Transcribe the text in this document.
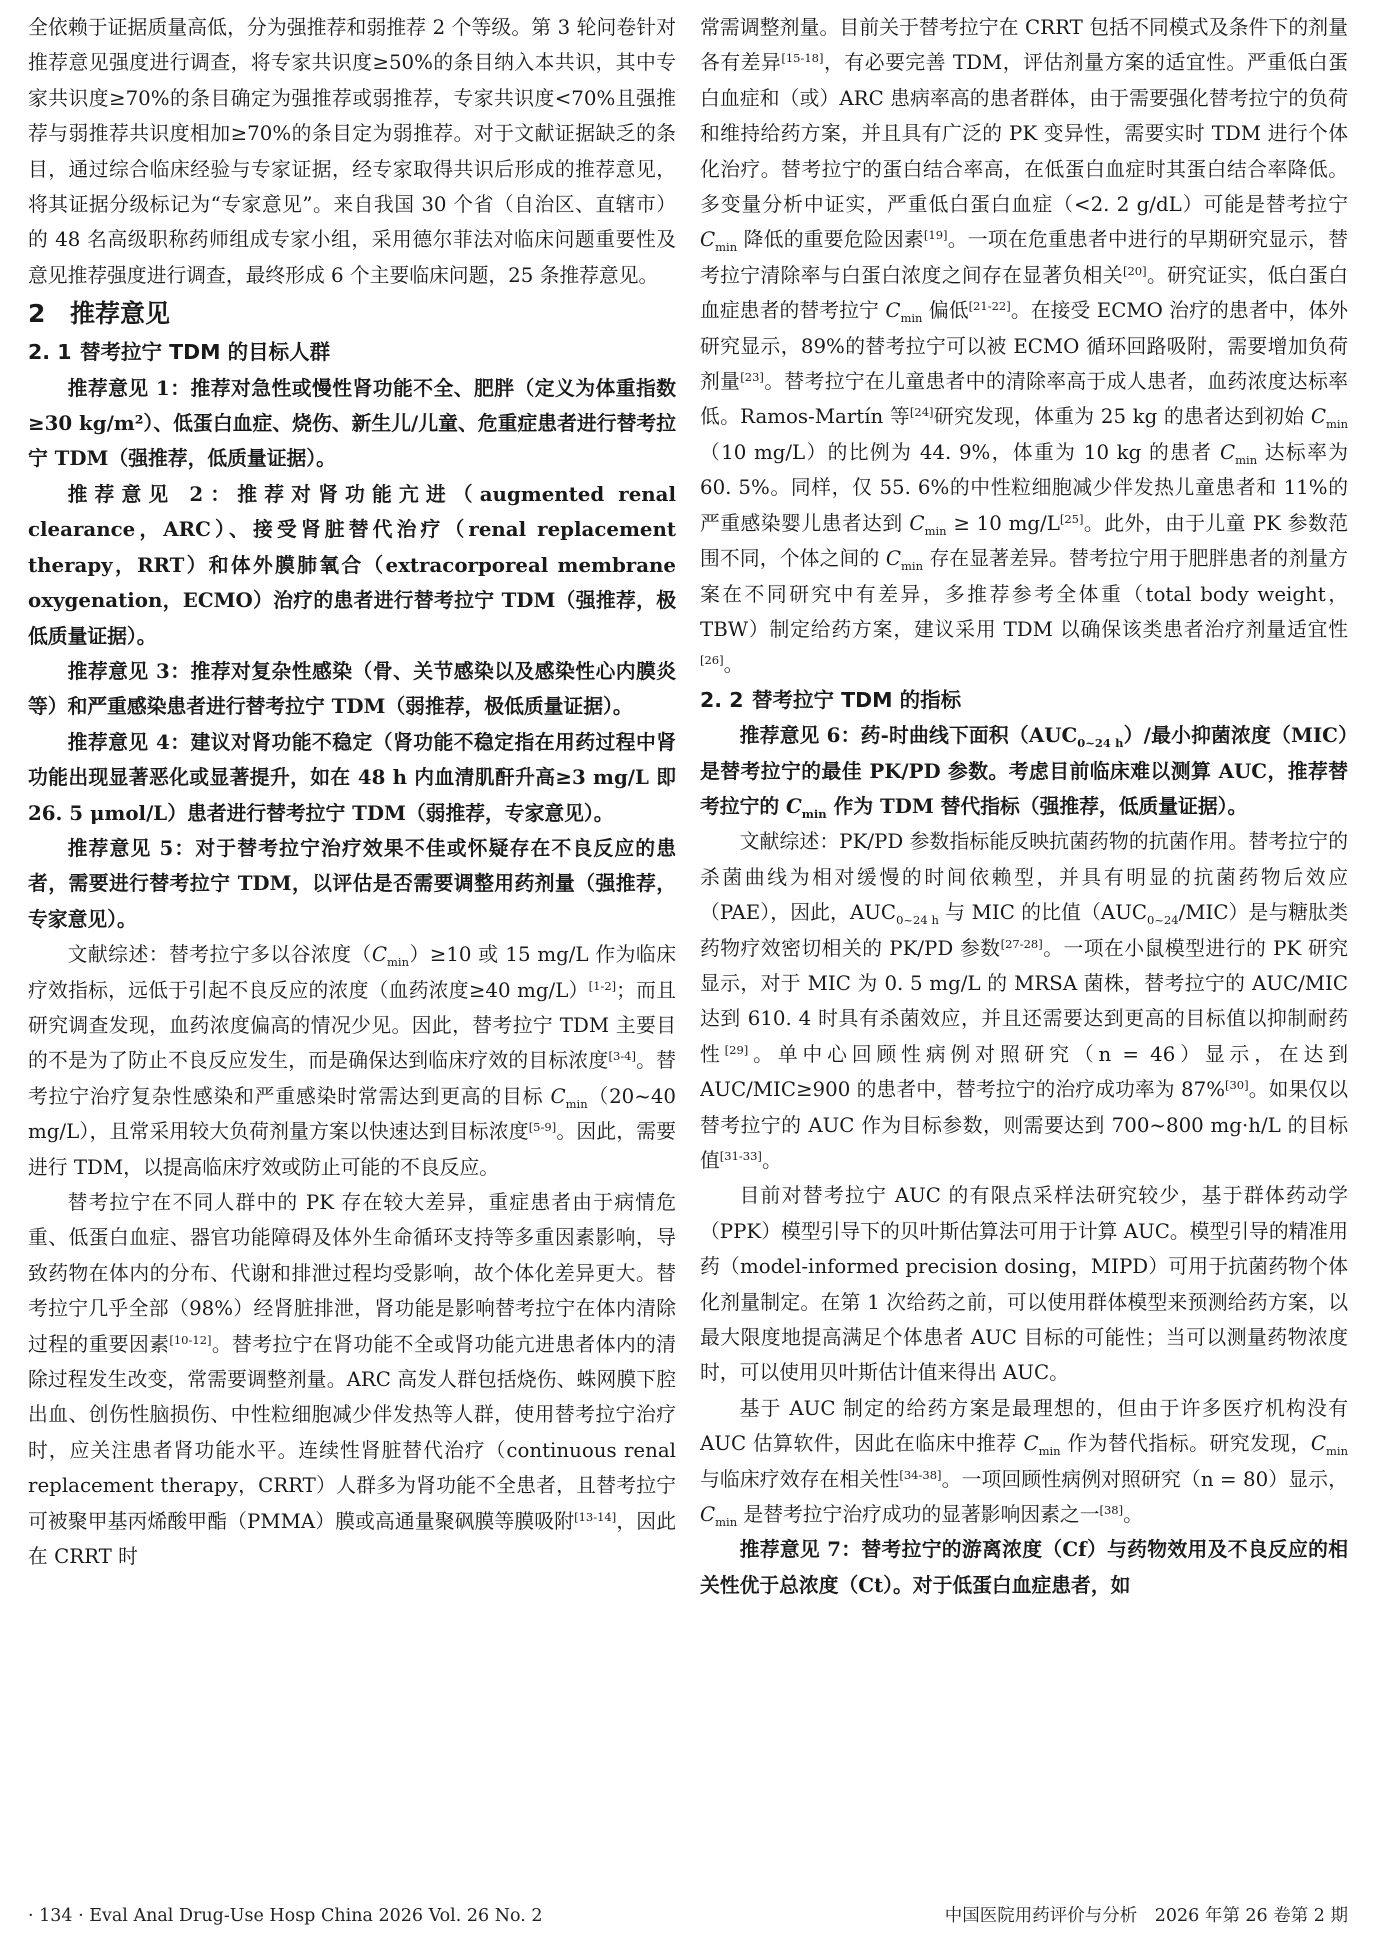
全依赖于证据质量高低，分为强推荐和弱推荐 2 个等级。第 3 轮问卷针对推荐意见强度进行调查，将专家共识度≥50%的条目纳入本共识，其中专家共识度≥70%的条目确定为强推荐或弱推荐，专家共识度<70%且强推荐与弱推荐共识度相加≥70%的条目定为弱推荐。对于文献证据缺乏的条目，通过综合临床经验与专家证据，经专家取得共识后形成的推荐意见，将其证据分级标记为“专家意见”。来自我国 30 个省（自治区、直辖市）的 48 名高级职称药师组成专家小组，采用德尔菲法对临床问题重要性及意见推荐强度进行调查，最终形成 6 个主要临床问题，25 条推荐意见。

2 推荐意见
2. 1 替考拉宁 TDM 的目标人群

推荐意见 1：推荐对急性或慢性肾功能不全、肥胖（定义为体重指数≥30 kg/m²）、低蛋白血症、烧伤、新生儿/儿童、危重症患者进行替考拉宁 TDM（强推荐，低质量证据）。

推荐意见 2：推荐对肾功能亢进（augmented renal clearance，ARC）、接受肾脏替代治疗（renal replacement therapy，RRT）和体外膜肺氧合（extracorporeal membrane oxygenation，ECMO）治疗的患者进行替考拉宁 TDM（强推荐，极低质量证据）。

推荐意见 3：推荐对复杂性感染（骨、关节感染以及感染性心内膜炎等）和严重感染患者进行替考拉宁 TDM（弱推荐，极低质量证据）。

推荐意见 4：建议对肾功能不稳定（肾功能不稳定指在用药过程中肾功能出现显著恶化或显著提升，如在 48 h 内血清肌酐升高≥3 mg/L 即 26. 5 μmol/L）患者进行替考拉宁 TDM（弱推荐，专家意见）。

推荐意见 5：对于替考拉宁治疗效果不佳或怀疑存在不良反应的患者，需要进行替考拉宁 TDM，以评估是否需要调整用药剂量（强推荐，专家意见）。

文献综述：替考拉宁多以谷浓度$(C_{min})\ge 10$ 或 15 mg/L 作为临床疗效指标，远低于引起不良反应的浓度（血药浓度≥40 mg/L）[1-2]；而且研究调查发现，血药浓度偏高的情况少见。因此，替考拉宁 TDM 主要目的不是为了防止不良反应发生，而是确保达到临床疗效的目标浓度[3-4]。替考拉宁治疗复杂性感染和严重感染时常需达到更高的目标 $C_{min}(20\sim 40$ mg/L），且常采用较大负荷剂量方案以快速达到目标浓度[5-9]。因此，需要进行 TDM，以提高临床疗效或防止可能的不良反应。

替考拉宁在不同人群中的 PK 存在较大差异，重症患者由于病情危重、低蛋白血症、器官功能障碍及体外生命循环支持等多重因素影响，导致药物在体内的分布、代谢和排泄过程均受影响，故个体化差异更大。替考拉宁几乎全部（98%）经肾脏排泄，肾功能是影响替考拉宁在体内清除过程的重要因素[10-12]。替考拉宁在肾功能不全或肾功能亢进患者体内的清除过程发生改变，常需要调整剂量。ARC 高发人群包括烧伤、蛛网膜下腔出血、创伤性脑损伤、中性粒细胞减少伴发热等人群，使用替考拉宁治疗时，应关注患者肾功能水平。连续性肾脏替代治疗（continuous renal replacement therapy，CRRT）人群多为肾功能不全患者，且替考拉宁可被聚甲基丙烯酸甲酯（PMMA）膜或高通量聚砜膜等膜吸附[13-14]，因此在 CRRT 时

常需调整剂量。目前关于替考拉宁在 CRRT 包括不同模式及条件下的剂量各有差异[15-18]，有必要完善 TDM，评估剂量方案的适宜性。严重低白蛋白血症和（或）ARC 患病率高的患者群体，由于需要强化替考拉宁的负荷和维持给药方案，并且具有广泛的 PK 变异性，需要实时 TDM 进行个体化治疗。替考拉宁的蛋白结合率高，在低蛋白血症时其蛋白结合率降低。多变量分析中证实，严重低白蛋白血症（<2. 2 g/dL）可能是替考拉宁 $C_{min}$ 降低的重要危险因素[19]。一项在危重患者中进行的早期研究显示，替考拉宁清除率与白蛋白浓度之间存在显著负相关[20]。研究证实，低白蛋白血症患者的替考拉宁 $C_{min}$ 偏低[21-22]。在接受 ECMO 治疗的患者中，体外研究显示，89%的替考拉宁可以被 ECMO 循环回路吸附，需要增加负荷剂量[23]。替考拉宁在儿童患者中的清除率高于成人患者，血药浓度达标率低。Ramos-Martín 等[24]研究发现，体重为 25 kg 的患者达到初始 $C_{min}(10$ mg/L）的比例为 44. 9%，体重为 10 kg 的患者 $C_{min}$ 达标率为 60. 5%。同样，仅 55. 6%的中性粒细胞减少伴发热儿童患者和 11%的严重感染婴儿患者达到 $C_{min} \ge 10$ mg/L[25]。此外，由于儿童 PK 参数范围不同，个体之间的 $C_{min}$ 存在显著差异。替考拉宁用于肥胖患者的剂量方案在不同研究中有差异，多推荐参考全体重（total body weight，TBW）制定给药方案，建议采用 TDM 以确保该类患者治疗剂量适宜性[26]。

2. 2 替考拉宁 TDM 的指标

推荐意见 6：药-时曲线下面积$(AUC_{0\sim 24 h})/$最小抑菌浓度（MIC）是替考拉宁的最佳 PK/PD 参数。考虑目前临床难以测算 AUC，推荐替考拉宁的 $C_{min}$ 作为 TDM 替代指标（强推荐，低质量证据）。

文献综述：PK/PD 参数指标能反映抗菌药物的抗菌作用。替考拉宁的杀菌曲线为相对缓慢的时间依赖型，并具有明显的抗菌药物后效应（PAE），因此，$AUC_{0\sim 24 h}$ 与 MIC 的比值$(AUC_{0\sim 24}/MIC)$是与糖肽类药物疗效密切相关的 PK/PD 参数[27-28]。一项在小鼠模型进行的 PK 研究显示，对于 MIC 为 0. 5 mg/L 的 MRSA 菌株，替考拉宁的 AUC/MIC 达到 610. 4 时具有杀菌效应，并且还需要达到更高的目标值以抑制耐药性[29]。单中心回顾性病例对照研究（n = 46）显示，在达到 AUC/MIC≥900 的患者中，替考拉宁的治疗成功率为 87%[30]。如果仅以替考拉宁的 AUC 作为目标参数，则需要达到 700~800 mg·h/L 的目标值[31-33]。

目前对替考拉宁 AUC 的有限点采样法研究较少，基于群体药动学（PPK）模型引导下的贝叶斯估算法可用于计算 AUC。模型引导的精准用药（model-informed precision dosing，MIPD）可用于抗菌药物个体化剂量制定。在第 1 次给药之前，可以使用群体模型来预测给药方案，以最大限度地提高满足个体患者 AUC 目标的可能性；当可以测量药物浓度时，可以使用贝叶斯估计值来得出 AUC。

基于 AUC 制定的给药方案是最理想的，但由于许多医疗机构没有 AUC 估算软件，因此在临床中推荐 $C_{min}$ 作为替代指标。研究发现，$C_{min}$ 与临床疗效存在相关性[34-38]。一项回顾性病例对照研究（n = 80）显示，$C_{min}$ 是替考拉宁治疗成功的显著影响因素之一[38]。

推荐意见 7：替考拉宁的游离浓度（Cf）与药物效用及不良反应的相关性优于总浓度（Ct）。对于低蛋白血症患者，如

· 134 · Eval Anal Drug-Use Hosp China 2026 Vol. 26 No. 2	中国医院用药评价与分析　2026 年第 26 卷第 2 期
